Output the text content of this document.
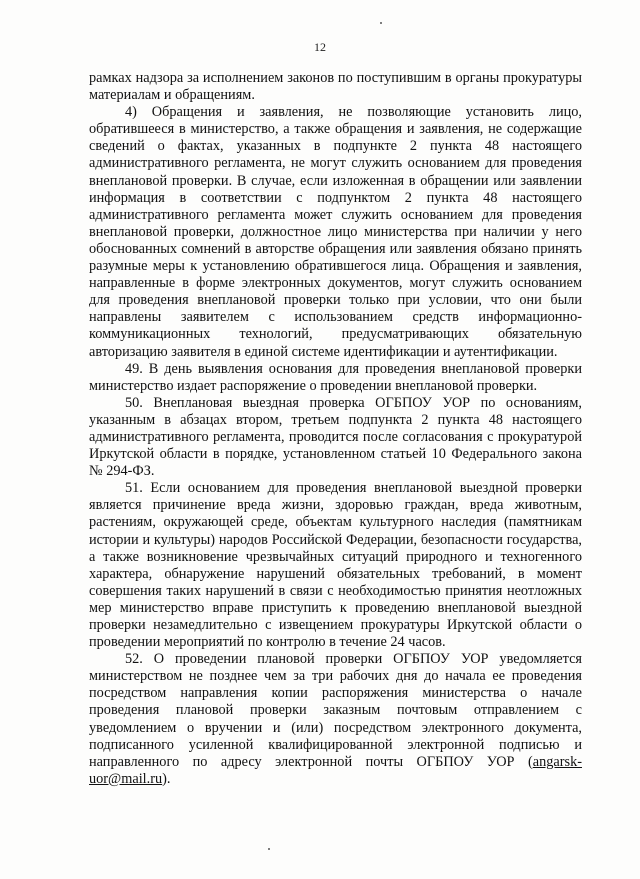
12

рамках надзора за исполнением законов по поступившим в органы прокуратуры материалам и обращениям.

4) Обращения и заявления, не позволяющие установить лицо, обратившееся в министерство, а также обращения и заявления, не содержащие сведений о фактах, указанных в подпункте 2 пункта 48 настоящего административного регламента, не могут служить основанием для проведения внеплановой проверки. В случае, если изложенная в обращении или заявлении информация в соответствии с подпунктом 2 пункта 48 настоящего административного регламента может служить основанием для проведения внеплановой проверки, должностное лицо министерства при наличии у него обоснованных сомнений в авторстве обращения или заявления обязано принять разумные меры к установлению обратившегося лица. Обращения и заявления, направленные в форме электронных документов, могут служить основанием для проведения внеплановой проверки только при условии, что они были направлены заявителем с использованием средств информационно-коммуникационных технологий, предусматривающих обязательную авторизацию заявителя в единой системе идентификации и аутентификации.

49. В день выявления основания для проведения внеплановой проверки министерство издает распоряжение о проведении внеплановой проверки.

50. Внеплановая выездная проверка ОГБПОУ УОР по основаниям, указанным в абзацах втором, третьем подпункта 2 пункта 48 настоящего административного регламента, проводится после согласования с прокуратурой Иркутской области в порядке, установленном статьей 10 Федерального закона № 294-ФЗ.

51. Если основанием для проведения внеплановой выездной проверки является причинение вреда жизни, здоровью граждан, вреда животным, растениям, окружающей среде, объектам культурного наследия (памятникам истории и культуры) народов Российской Федерации, безопасности государства, а также возникновение чрезвычайных ситуаций природного и техногенного характера, обнаружение нарушений обязательных требований, в момент совершения таких нарушений в связи с необходимостью принятия неотложных мер министерство вправе приступить к проведению внеплановой выездной проверки незамедлительно с извещением прокуратуры Иркутской области о проведении мероприятий по контролю в течение 24 часов.

52. О проведении плановой проверки ОГБПОУ УОР уведомляется министерством не позднее чем за три рабочих дня до начала ее проведения посредством направления копии распоряжения министерства о начале проведения плановой проверки заказным почтовым отправлением с уведомлением о вручении и (или) посредством электронного документа, подписанного усиленной квалифицированной электронной подписью и направленного по адресу электронной почты ОГБПОУ УОР (angarsk-uor@mail.ru).
